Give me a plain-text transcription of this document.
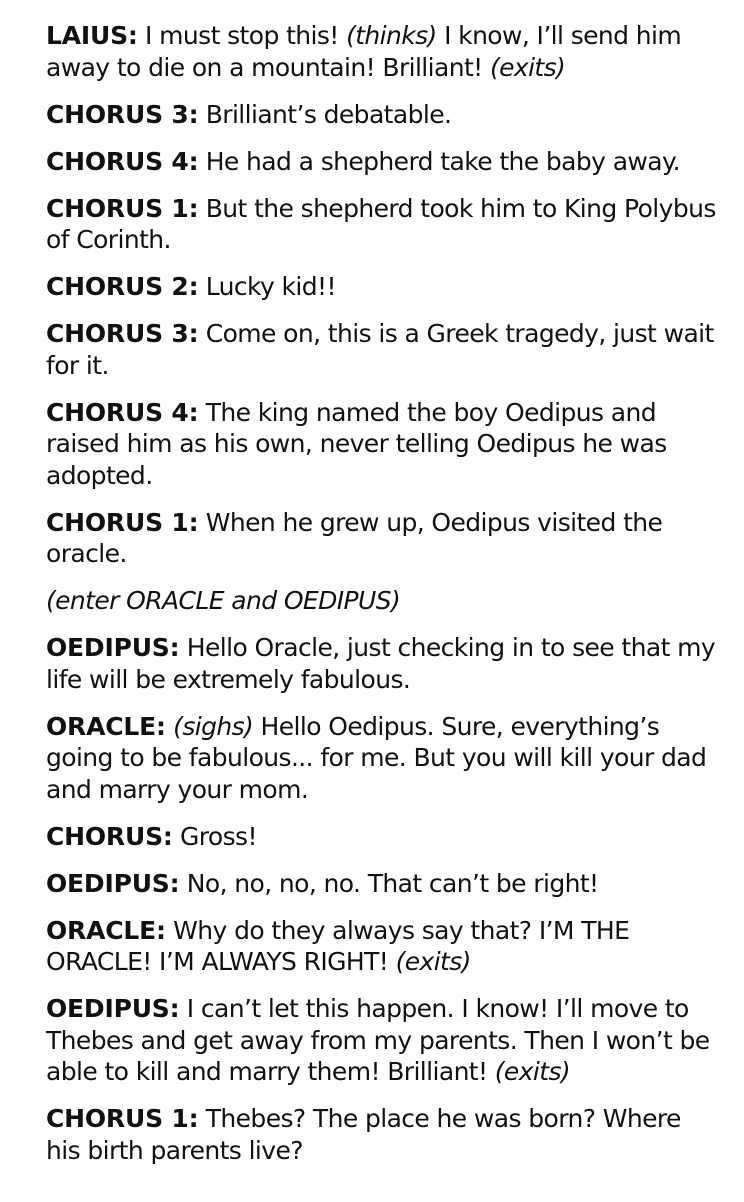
LAIUS: I must stop this! (thinks) I know, I’ll send him away to die on a mountain! Brilliant! (exits)

CHORUS 3: Brilliant’s debatable.

CHORUS 4: He had a shepherd take the baby away.

CHORUS 1: But the shepherd took him to King Polybus of Corinth.

CHORUS 2: Lucky kid!!

CHORUS 3: Come on, this is a Greek tragedy, just wait for it.

CHORUS 4: The king named the boy Oedipus and raised him as his own, never telling Oedipus he was adopted.

CHORUS 1: When he grew up, Oedipus visited the oracle.

(enter ORACLE and OEDIPUS)

OEDIPUS: Hello Oracle, just checking in to see that my life will be extremely fabulous.

ORACLE: (sighs) Hello Oedipus. Sure, everything’s going to be fabulous... for me. But you will kill your dad and marry your mom.

CHORUS: Gross!

OEDIPUS: No, no, no, no. That can’t be right!

ORACLE: Why do they always say that? I’M THE ORACLE! I’M ALWAYS RIGHT! (exits)

OEDIPUS: I can’t let this happen. I know! I’ll move to Thebes and get away from my parents. Then I won’t be able to kill and marry them! Brilliant! (exits)

CHORUS 1: Thebes? The place he was born? Where his birth parents live?
